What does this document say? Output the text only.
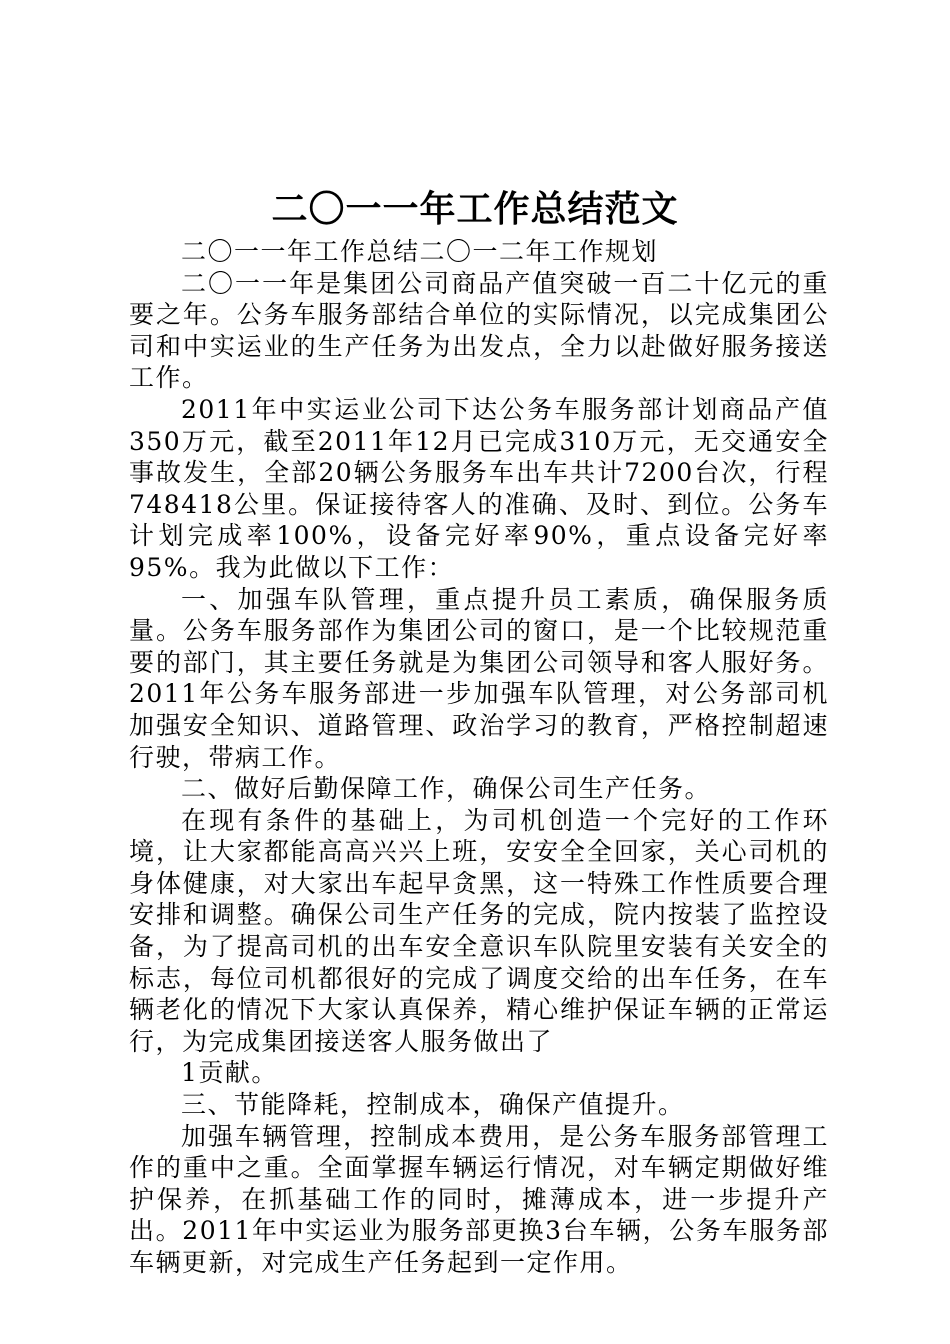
二〇一一年工作总结范文

二〇一一年工作总结二〇一二年工作规划

二〇一一年是集团公司商品产值突破一百二十亿元的重要之年。公务车服务部结合单位的实际情况，以完成集团公司和中实运业的生产任务为出发点，全力以赴做好服务接送工作。

2011年中实运业公司下达公务车服务部计划商品产值350万元，截至2011年12月已完成310万元，无交通安全事故发生，全部20辆公务服务车出车共计7200台次，行程748418公里。保证接待客人的准确、及时、到位。公务车计划完成率100%，设备完好率90%，重点设备完好率95%。我为此做以下工作：

一、加强车队管理，重点提升员工素质，确保服务质量。公务车服务部作为集团公司的窗口，是一个比较规范重要的部门，其主要任务就是为集团公司领导和客人服好务。2011年公务车服务部进一步加强车队管理，对公务部司机加强安全知识、道路管理、政治学习的教育，严格控制超速行驶，带病工作。

二、做好后勤保障工作，确保公司生产任务。

在现有条件的基础上，为司机创造一个完好的工作环境，让大家都能高高兴兴上班，安安全全回家，关心司机的身体健康，对大家出车起早贪黑，这一特殊工作性质要合理安排和调整。确保公司生产任务的完成，院内按装了监控设备，为了提高司机的出车安全意识车队院里安装有关安全的标志，每位司机都很好的完成了调度交给的出车任务，在车辆老化的情况下大家认真保养，精心维护保证车辆的正常运行，为完成集团接送客人服务做出了

1贡献。

三、节能降耗，控制成本，确保产值提升。

加强车辆管理，控制成本费用，是公务车服务部管理工作的重中之重。全面掌握车辆运行情况，对车辆定期做好维护保养，在抓基础工作的同时，摊薄成本，进一步提升产出。2011年中实运业为服务部更换3台车辆，公务车服务部车辆更新，对完成生产任务起到一定作用。
